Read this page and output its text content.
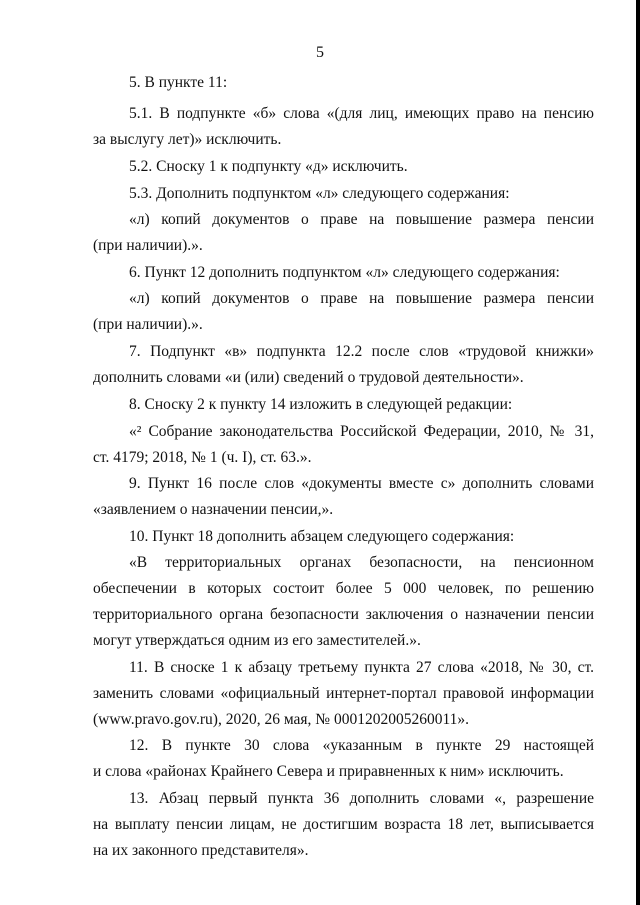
5
5. В пункте 11:
5.1. В подпункте «б» слова «(для лиц, имеющих право на пенсию
за выслугу лет)» исключить.
5.2. Сноску 1 к подпункту «д» исключить.
5.3. Дополнить подпунктом «л» следующего содержания:
«л) копий документов о праве на повышение размера пенсии
(при наличии).».
6. Пункт 12 дополнить подпунктом «л» следующего содержания:
«л) копий документов о праве на повышение размера пенсии
(при наличии).».
7. Подпункт «в» подпункта 12.2 после слов «трудовой книжки»
дополнить словами «и (или) сведений о трудовой деятельности».
8. Сноску 2 к пункту 14 изложить в следующей редакции:
«² Собрание законодательства Российской Федерации, 2010, № 31,
ст. 4179; 2018, № 1 (ч. I), ст. 63.».
9. Пункт 16 после слов «документы вместе с» дополнить словами
«заявлением о назначении пенсии,».
10. Пункт 18 дополнить абзацем следующего содержания:
«В территориальных органах безопасности, на пенсионном
обеспечении в которых состоит более 5 000 человек, по решению
территориального органа безопасности заключения о назначении пенсии
могут утверждаться одним из его заместителей.».
11. В сноске 1 к абзацу третьему пункта 27 слова «2018, № 30, ст.
заменить словами «официальный интернет-портал правовой информации
(www.pravo.gov.ru), 2020, 26 мая, № 0001202005260011».
12. В пункте 30 слова «указанным в пункте 29 настоящей
и слова «районах Крайнего Севера и приравненных к ним» исключить.
13. Абзац первый пункта 36 дополнить словами «, разрешение
на выплату пенсии лицам, не достигшим возраста 18 лет, выписывается
на их законного представителя».
